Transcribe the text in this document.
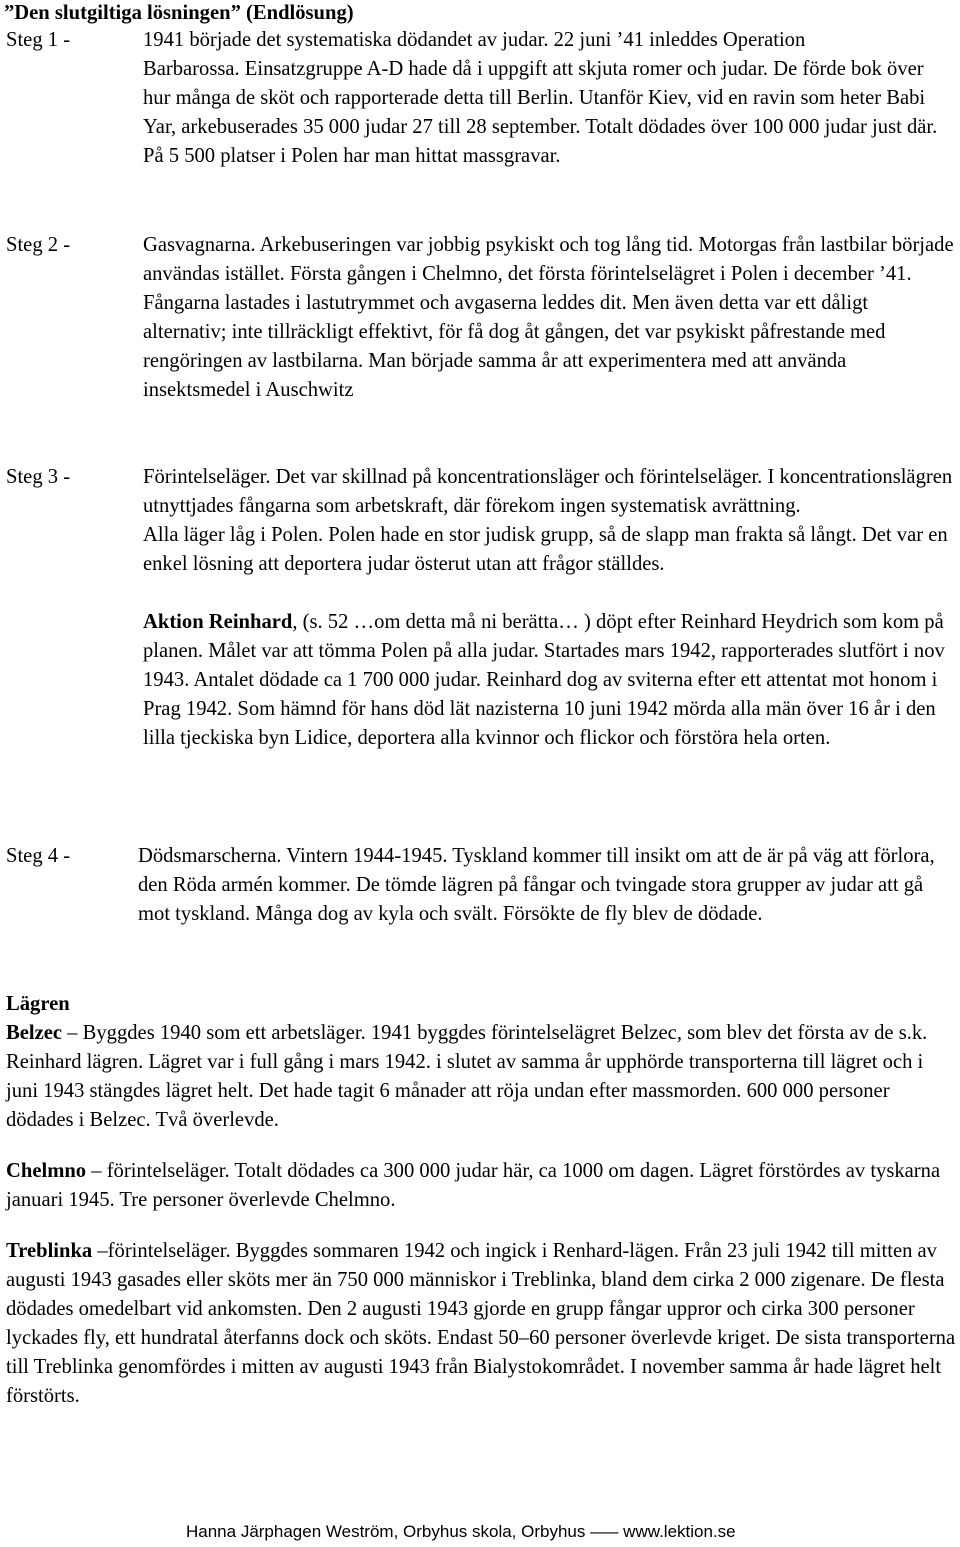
”Den slutgiltiga lösningen” (Endlösung)

Steg 1 -	1941 började det systematiska dödandet av judar. 22 juni ’41 inleddes Operation

Barbarossa. Einsatzgruppe A-D hade då i uppgift att skjuta romer och judar. De förde bok över hur många de sköt och rapporterade detta till Berlin. Utanför Kiev, vid en ravin som heter Babi Yar, arkebuserades 35 000 judar 27 till 28 september. Totalt dödades över 100 000 judar just där. På 5 500 platser i Polen har man hittat massgravar.

Steg 2 -	Gasvagnarna. Arkebuseringen var jobbig psykiskt och tog lång tid. Motorgas från lastbilar började användas istället. Första gången i Chelmno, det första förintelselägret i Polen i december ’41. Fångarna lastades i lastutrymmet och avgaserna leddes dit. Men även detta var ett dåligt alternativ; inte tillräckligt effektivt, för få dog åt gången, det var psykiskt påfrestande med rengöringen av lastbilarna. Man började samma år att experimentera med att använda insektsmedel i Auschwitz

Steg 3 -	Förintelseläger. Det var skillnad på koncentrationsläger och förintelseläger. I koncentrationslägren utnyttjades fångarna som arbetskraft, där förekom ingen systematisk avrättning.

Alla läger låg i Polen. Polen hade en stor judisk grupp, så de slapp man frakta så långt. Det var en enkel lösning att deportera judar österut utan att frågor ställdes.

Aktion Reinhard, (s. 52 …om detta må ni berätta… ) döpt efter Reinhard Heydrich som kom på planen. Målet var att tömma Polen på alla judar. Startades mars 1942, rapporterades slutfört i nov 1943. Antalet dödade ca 1 700 000 judar. Reinhard dog av sviterna efter ett attentat mot honom i Prag 1942. Som hämnd för hans död lät nazisterna 10 juni 1942 mörda alla män över 16 år i den lilla tjeckiska byn Lidice, deportera alla kvinnor och flickor och förstöra hela orten.

Steg 4 -	Dödsmarscherna. Vintern 1944-1945. Tyskland kommer till insikt om att de är på väg att förlora, den Röda armén kommer. De tömde lägren på fångar och tvingade stora grupper av judar att gå mot tyskland. Många dog av kyla och svält. Försökte de fly blev de dödade.

Lägren

Belzec – Byggdes 1940 som ett arbetsläger. 1941 byggdes förintelselägret Belzec, som blev det första av de s.k. Reinhard lägren. Lägret var i full gång i mars 1942. i slutet av samma år upphörde transporterna till lägret och i juni 1943 stängdes lägret helt. Det hade tagit 6 månader att röja undan efter massmorden. 600 000 personer dödades i Belzec. Två överlevde.

Chelmno – förintelseläger. Totalt dödades ca 300 000 judar här, ca 1000 om dagen. Lägret förstördes av tyskarna januari 1945. Tre personer överlevde Chelmno.

Treblinka –förintelseläger. Byggdes sommaren 1942 och ingick i Renhard-lägen. Från 23 juli 1942 till mitten av augusti 1943 gasades eller sköts mer än 750 000 människor i Treblinka, bland dem cirka 2 000 zigenare. De flesta dödades omedelbart vid ankomsten. Den 2 augusti 1943 gjorde en grupp fångar uppror och cirka 300 personer lyckades fly, ett hundratal återfanns dock och sköts. Endast 50–60 personer överlevde kriget. De sista transporterna till Treblinka genomfördes i mitten av augusti 1943 från Bialystokområdet. I november samma år hade lägret helt förstörts.

Hanna Järphagen Weström, Orbyhus skola, Orbyhus ––– www.lektion.se
